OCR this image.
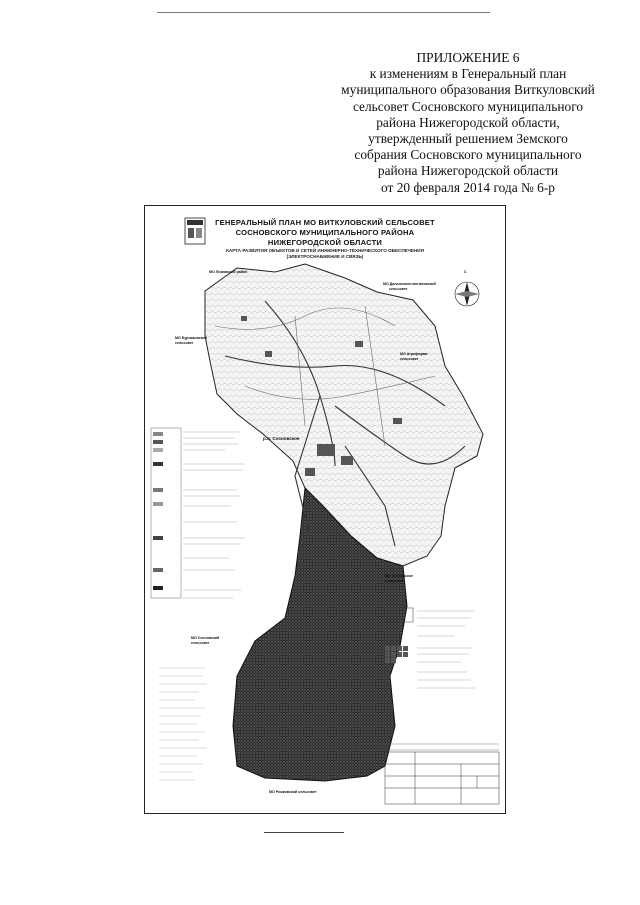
ПРИЛОЖЕНИЕ 6
к изменениям в Генеральный план
муниципального образования Виткуловский
сельсовет Сосновского муниципального
района Нижегородской области,
утвержденный решением Земского
собрания Сосновского муниципального
района Нижегородской области
от 20 февраля 2014 года № 6-р
ГЕНЕРАЛЬНЫЙ ПЛАН МО ВИТКУЛОВСКИЙ СЕЛЬСОВЕТ
СОСНОВСКОГО МУНИЦИПАЛЬНОГО РАЙОНА
НИЖЕГОРОДСКОЙ ОБЛАСТИ
КАРТА РАЗВИТИЯ ОБЪЕКТОВ И СЕТЕЙ ИНЖЕНЕРНО-ТЕХНИЧЕСКОГО ОБЕСПЕЧЕНИЯ
(ЭЛЕКТРОСНАБЖЕНИЕ И СВЯЗЬ)
МО Ломовский район
МО Дальнеконстантиновский
сельсовет
МО Бурнаковский
сельсовет
МО Агрофирма
сельсовет
р.п. Сосновское
МО Сосновское
сельсовет
МО Сосновский
сельсовет
МО Рожковский сельсовет
С
